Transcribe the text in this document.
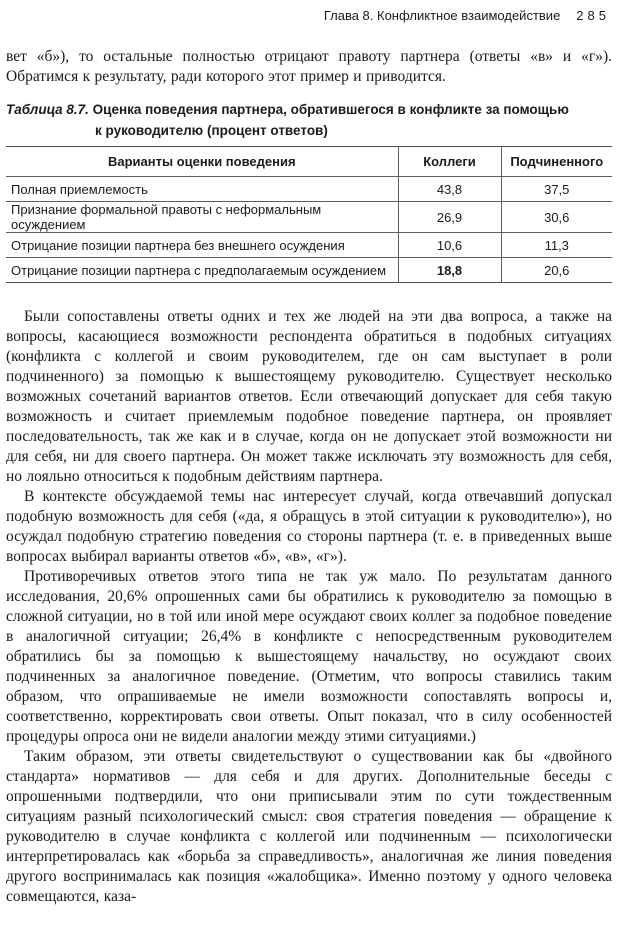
Глава 8. Конфликтное взаимодействие 285

вет «б»), то остальные полностью отрицают правоту партнера (ответы «в» и «г»). Обратимся к результату, ради которого этот пример и приводится.

Таблица 8.7. Оценка поведения партнера, обратившегося в конфликте за помощью
к руководителю (процент ответов)
Варианты оценки поведения	Коллеги	Подчиненного
Полная приемлемость	43,8	37,5
Признание формальной правоты с неформальным осуждением	26,9	30,6
Отрицание позиции партнера без внешнего осуждения	10,6	11,3
Отрицание позиции партнера с предполагаемым осуждением	18,8	20,6

Были сопоставлены ответы одних и тех же людей на эти два вопроса, а также на вопросы, касающиеся возможности респондента обратиться в подобных ситуациях (конфликта с коллегой и своим руководителем, где он сам выступает в роли подчиненного) за помощью к вышестоящему руководителю. Существует несколько возможных сочетаний вариантов ответов. Если отвечающий допускает для себя такую возможность и считает приемлемым подобное поведение партнера, он проявляет последовательность, так же как и в случае, когда он не допускает этой возможности ни для себя, ни для своего партнера. Он может также исключать эту возможность для себя, но лояльно относиться к подобным действиям партнера.

В контексте обсуждаемой темы нас интересует случай, когда отвечавший допускал подобную возможность для себя («да, я обращусь в этой ситуации к руководителю»), но осуждал подобную стратегию поведения со стороны партнера (т. е. в приведенных выше вопросах выбирал варианты ответов «б», «в», «г»).

Противоречивых ответов этого типа не так уж мало. По результатам данного исследования, 20,6% опрошенных сами бы обратились к руководителю за помощью в сложной ситуации, но в той или иной мере осуждают своих коллег за подобное поведение в аналогичной ситуации; 26,4% в конфликте с непосредственным руководителем обратились бы за помощью к вышестоящему начальству, но осуждают своих подчиненных за аналогичное поведение. (Отметим, что вопросы ставились таким образом, что опрашиваемые не имели возможности сопоставлять вопросы и, соответственно, корректировать свои ответы. Опыт показал, что в силу особенностей процедуры опроса они не видели аналогии между этими ситуациями.)

Таким образом, эти ответы свидетельствуют о существовании как бы «двойного стандарта» нормативов — для себя и для других. Дополнительные беседы с опрошенными подтвердили, что они приписывали этим по сути тождественным ситуациям разный психологический смысл: своя стратегия поведения — обращение к руководителю в случае конфликта с коллегой или подчиненным — психологически интерпретировалась как «борьба за справедливость», аналогичная же линия поведения другого воспринималась как позиция «жалобщика». Именно поэтому у одного человека совмещаются, каза-
